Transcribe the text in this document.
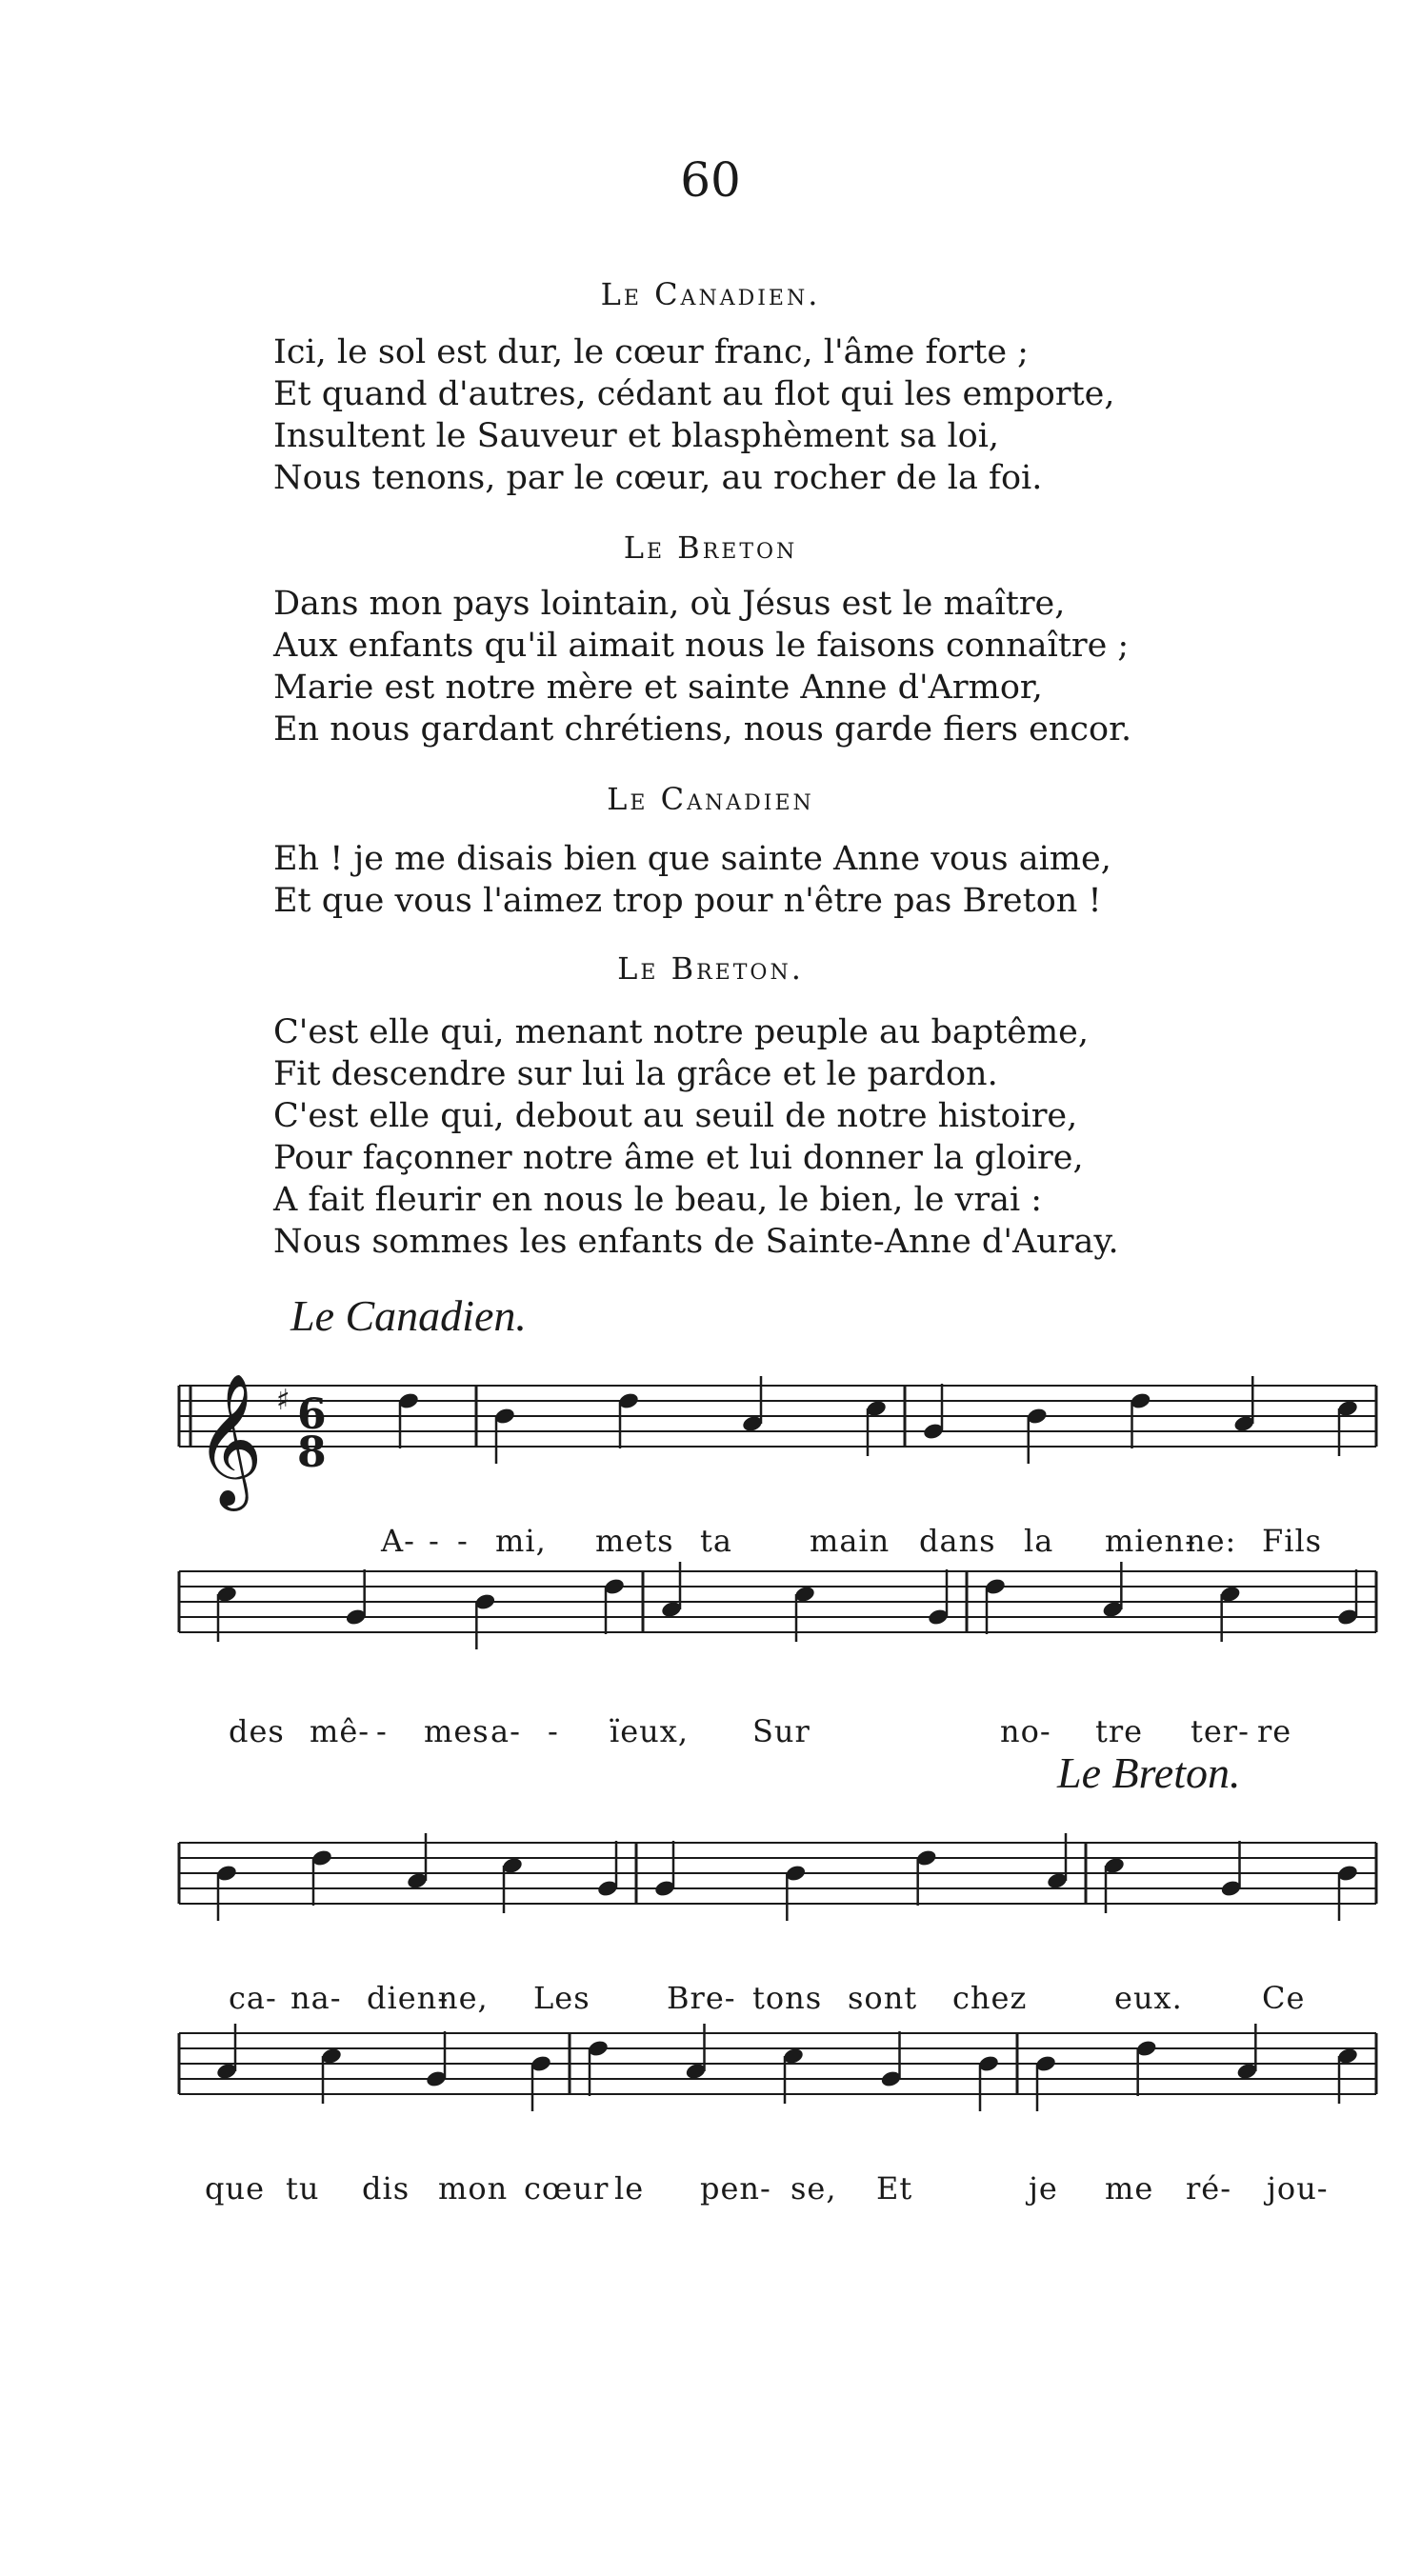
60
Le Canadien.
Ici, le sol est dur, le cœur franc, l'âme forte ;
Et quand d'autres, cédant au flot qui les emporte,
Insultent le Sauveur et blasphèment sa loi,
Nous tenons, par le cœur, au rocher de la foi.
Le Breton
Dans mon pays lointain, où Jésus est le maître,
Aux enfants qu'il aimait nous le faisons connaître ;
Marie est notre mère et sainte Anne d'Armor,
En nous gardant chrétiens, nous garde fiers encor.
Le Canadien
Eh ! je me disais bien que sainte Anne vous aime,
Et que vous l'aimez trop pour n'être pas Breton !
Le Breton.
C'est elle qui, menant notre peuple au baptême,
Fit descendre sur lui la grâce et le pardon.
C'est elle qui, debout au seuil de notre histoire,
Pour façonner notre âme et lui donner la gloire,
A fait fleurir en nous le beau, le bien, le vrai :
Nous sommes les enfants de Sainte-Anne d'Auray.
Le Canadien.
Le Breton.
𝄞 ♯ 6
8
A- - - mi, mets ta	main dans la mien-
ne: Fils
des mê- - mes a- - ïeux, Sur	no- tre ter- re
ca- na- dien-
ne, Les	Bre- tons sont chez	eux.	Ce
que tu dis mon cœur le pen- se, Et	je me ré- jou-
